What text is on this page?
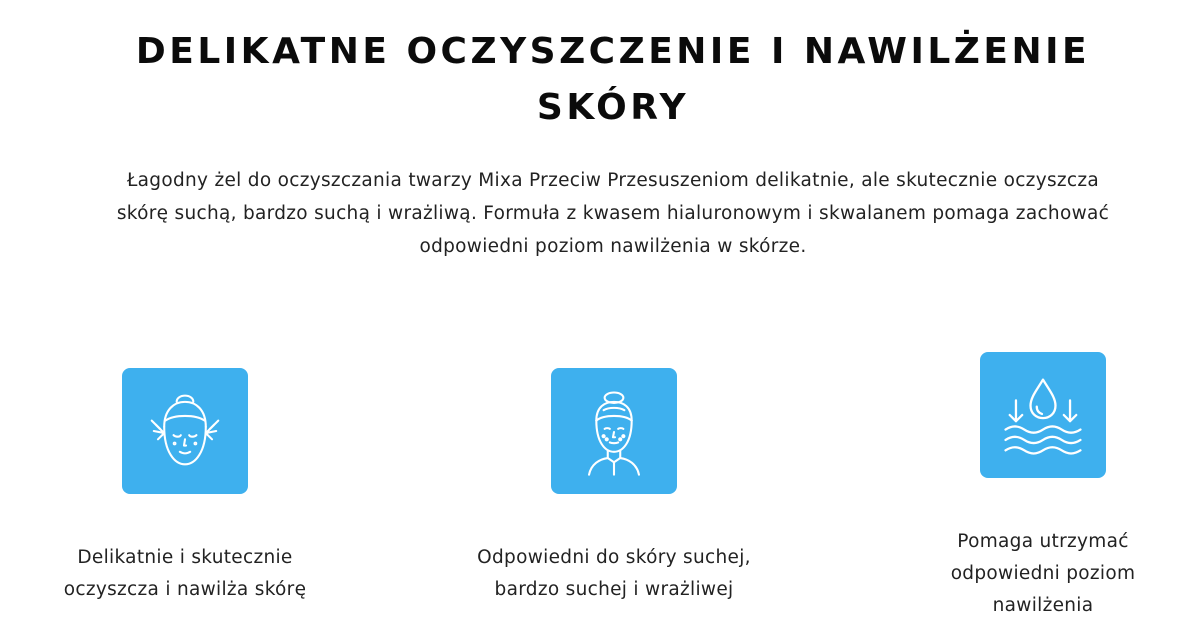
DELIKATNE OCZYSZCZENIE I NAWILŻENIE
SKÓRY

Łagodny żel do oczyszczania twarzy Mixa Przeciw Przesuszeniom delikatnie, ale skutecznie oczyszcza
skórę suchą, bardzo suchą i wrażliwą. Formuła z kwasem hialuronowym i skwalanem pomaga zachować
odpowiedni poziom nawilżenia w skórze.

Delikatnie i skutecznie
oczyszcza i nawilża skórę

Odpowiedni do skóry suchej,
bardzo suchej i wrażliwej

Pomaga utrzymać
odpowiedni poziom
nawilżenia
